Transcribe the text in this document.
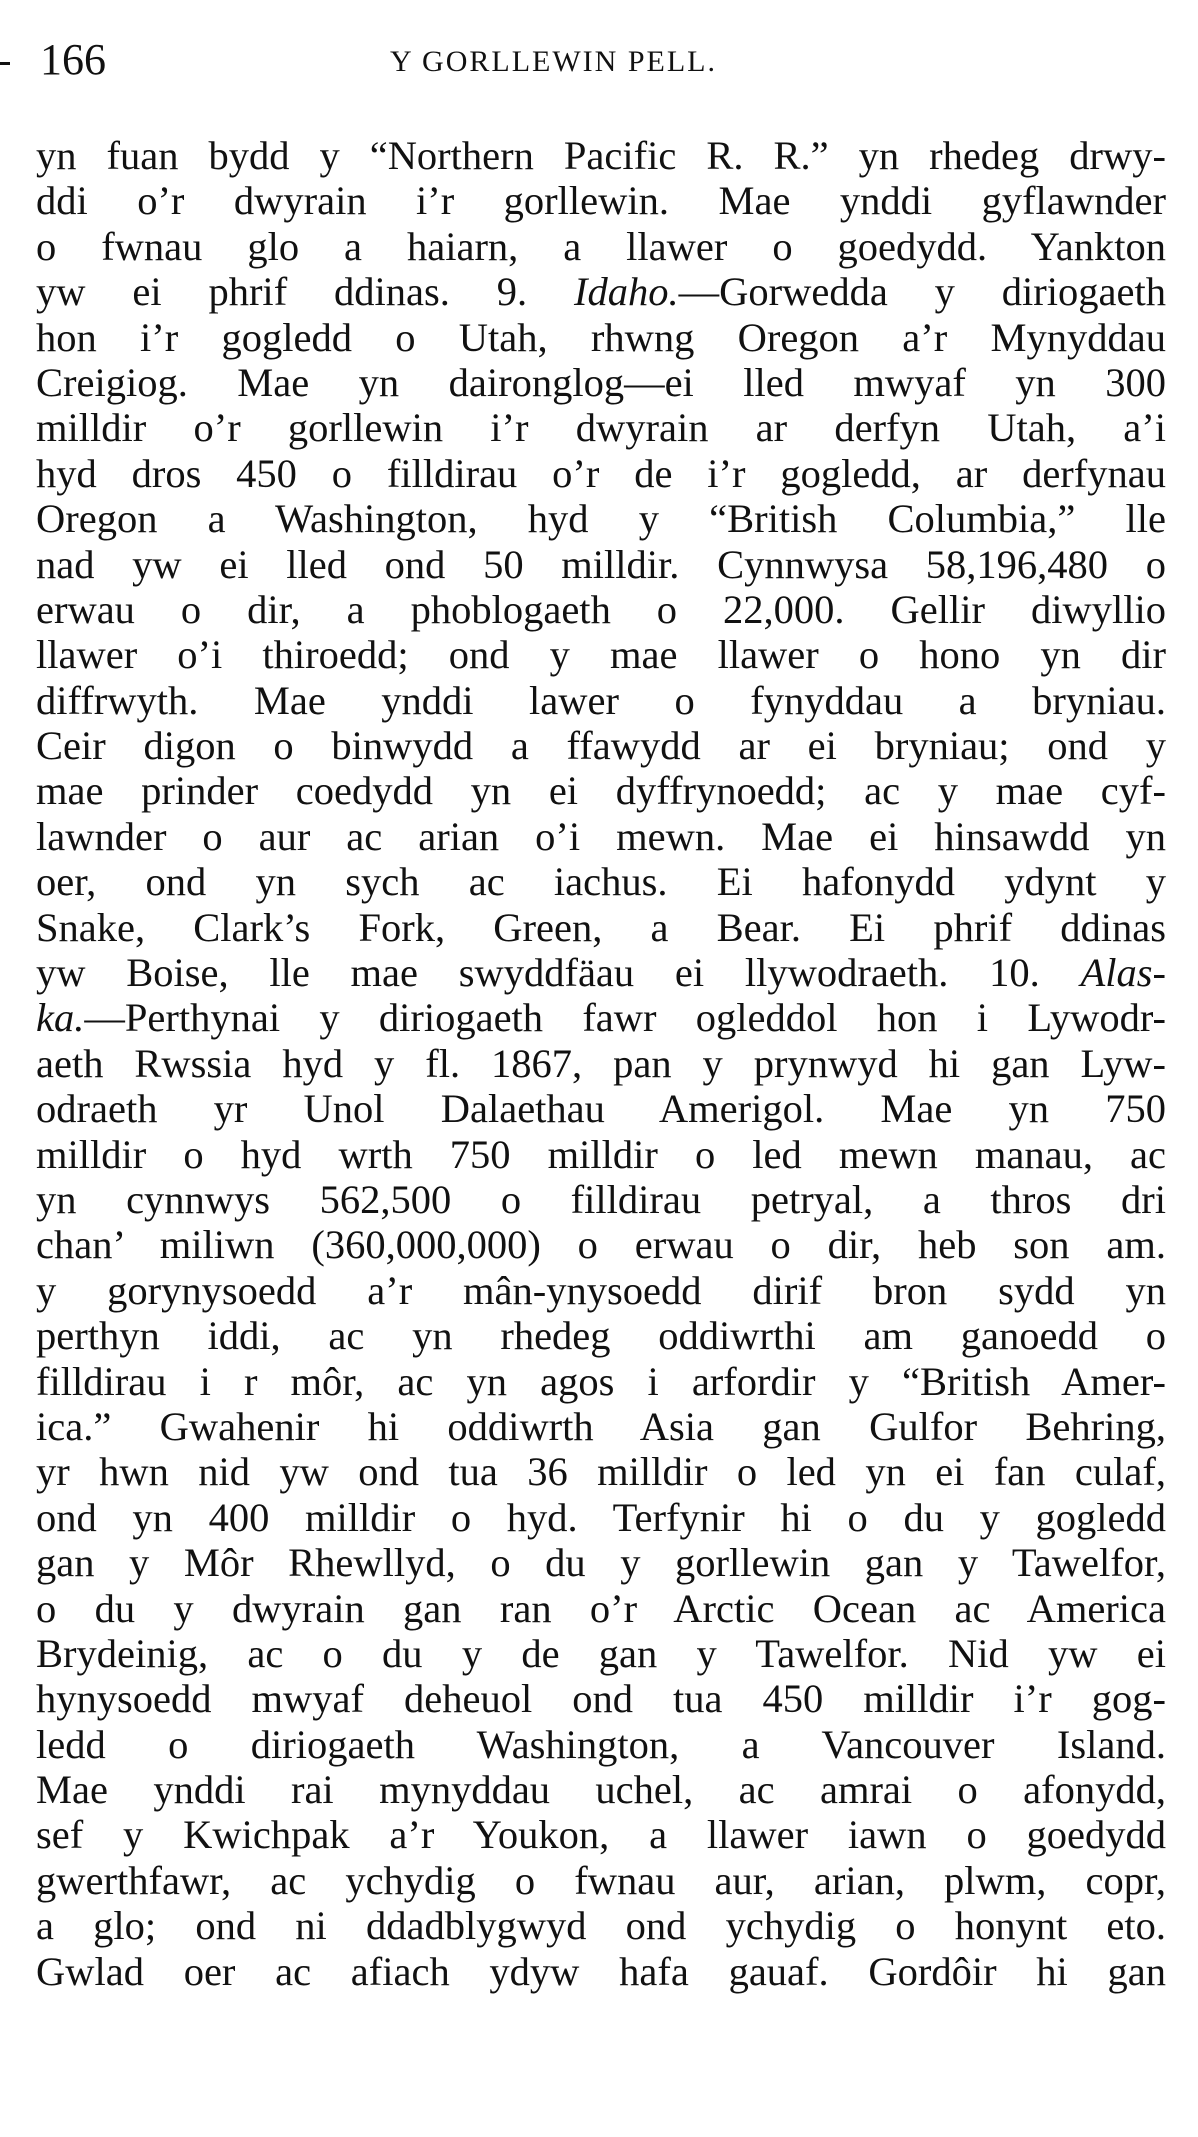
166	Y GORLLEWIN PELL.
yn fuan bydd y “Northern Pacific R. R.” yn rhedeg drwy-
ddi o’r dwyrain i’r gorllewin. Mae ynddi gyflawnder
o fwnau glo a haiarn, a llawer o goedydd. Yankton
yw ei phrif ddinas. 9. Idaho.—Gorwedda y diriogaeth
hon i’r gogledd o Utah, rhwng Oregon a’r Mynyddau
Creigiog. Mae yn daironglog—ei lled mwyaf yn 300
milldir o’r gorllewin i’r dwyrain ar derfyn Utah, a’i
hyd dros 450 o filldirau o’r de i’r gogledd, ar derfynau
Oregon a Washington, hyd y “British Columbia,” lle
nad yw ei lled ond 50 milldir. Cynnwysa 58,196,480 o
erwau o dir, a phoblogaeth o 22,000. Gellir diwyllio
llawer o’i thiroedd; ond y mae llawer o hono yn dir
diffrwyth. Mae ynddi lawer o fynyddau a bryniau.
Ceir digon o binwydd a ffawydd ar ei bryniau; ond y
mae prinder coedydd yn ei dyffrynoedd; ac y mae cyf-
lawnder o aur ac arian o’i mewn. Mae ei hinsawdd yn
oer, ond yn sych ac iachus. Ei hafonydd ydynt y
Snake, Clark’s Fork, Green, a Bear. Ei phrif ddinas
yw Boise, lle mae swyddfäau ei llywodraeth. 10. Alas-
ka.—Perthynai y diriogaeth fawr ogleddol hon i Lywodr-
aeth Rwssia hyd y fl. 1867, pan y prynwyd hi gan Lyw-
odraeth yr Unol Dalaethau Amerigol. Mae yn 750
milldir o hyd wrth 750 milldir o led mewn manau, ac
yn cynnwys 562,500 o filldirau petryal, a thros dri
chan’ miliwn (360,000,000) o erwau o dir, heb son am.
y gorynysoedd a’r mân-ynysoedd dirif bron sydd yn
perthyn iddi, ac yn rhedeg oddiwrthi am ganoedd o
filldirau i r môr, ac yn agos i arfordir y “British Amer-
ica.” Gwahenir hi oddiwrth Asia gan Gulfor Behring,
yr hwn nid yw ond tua 36 milldir o led yn ei fan culaf,
ond yn 400 milldir o hyd. Terfynir hi o du y gogledd
gan y Môr Rhewllyd, o du y gorllewin gan y Tawelfor,
o du y dwyrain gan ran o’r Arctic Ocean ac America
Brydeinig, ac o du y de gan y Tawelfor. Nid yw ei
hynysoedd mwyaf deheuol ond tua 450 milldir i’r gog-
ledd o diriogaeth Washington, a Vancouver Island.
Mae ynddi rai mynyddau uchel, ac amrai o afonydd,
sef y Kwichpak a’r Youkon, a llawer iawn o goedydd
gwerthfawr, ac ychydig o fwnau aur, arian, plwm, copr,
a glo; ond ni ddadblygwyd ond ychydig o honynt eto.
Gwlad oer ac afiach ydyw hafa gauaf. Gordôir hi gan
